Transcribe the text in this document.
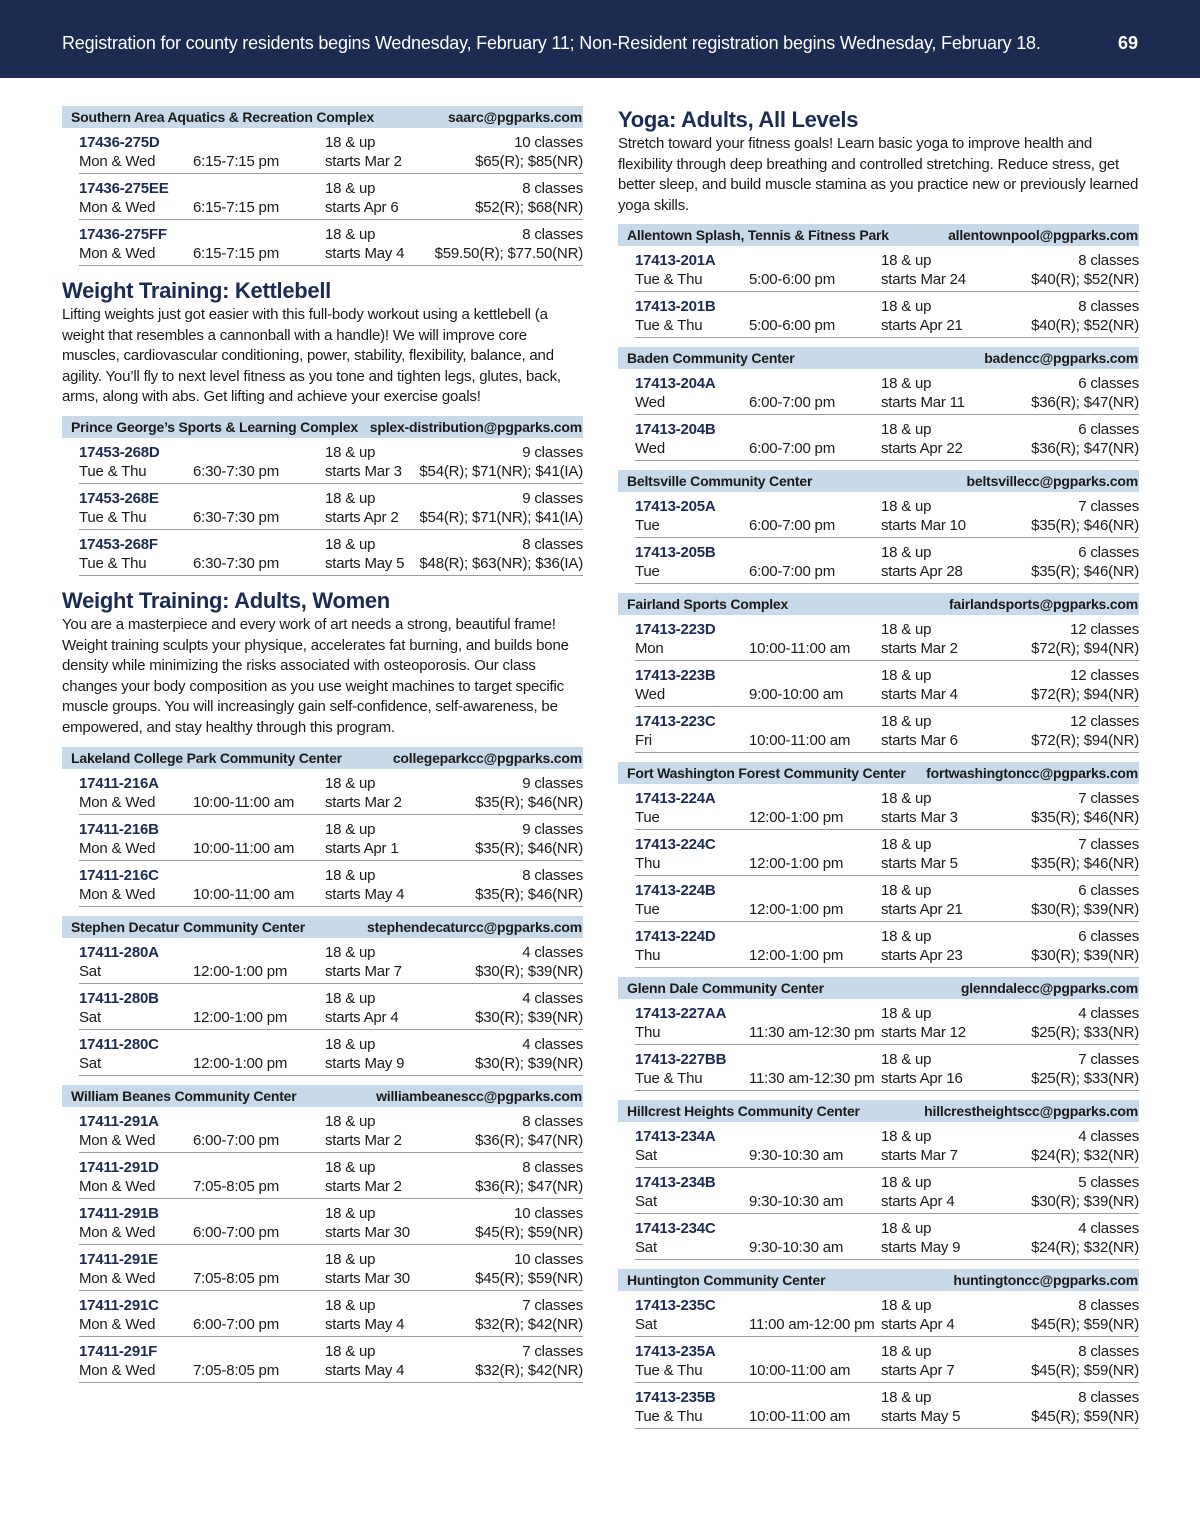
Registration for county residents begins Wednesday, February 11; Non-Resident registration begins Wednesday, February 18.	69
Southern Area Aquatics & Recreation Complex	saarc@pgparks.com
17436-275D	18 & up	10 classes
Mon & Wed	6:15-7:15 pm	starts Mar 2	$65(R); $85(NR)
17436-275EE	18 & up	8 classes
Mon & Wed	6:15-7:15 pm	starts Apr 6	$52(R); $68(NR)
17436-275FF	18 & up	8 classes
Mon & Wed	6:15-7:15 pm	starts May 4	$59.50(R); $77.50(NR)
Weight Training: Kettlebell
Lifting weights just got easier with this full-body workout using a kettlebell (a weight that resembles a cannonball with a handle)! We will improve core muscles, cardiovascular conditioning, power, stability, flexibility, balance, and agility. You’ll fly to next level fitness as you tone and tighten legs, glutes, back, arms, along with abs. Get lifting and achieve your exercise goals!
Prince George’s Sports & Learning Complex splex-distribution@pgparks.com
17453-268D	18 & up	9 classes
Tue & Thu	6:30-7:30 pm	starts Mar 3	$54(R); $71(NR); $41(IA)
17453-268E	18 & up	9 classes
Tue & Thu	6:30-7:30 pm	starts Apr 2	$54(R); $71(NR); $41(IA)
17453-268F	18 & up	8 classes
Tue & Thu	6:30-7:30 pm	starts May 5	$48(R); $63(NR); $36(IA)
Weight Training: Adults, Women
You are a masterpiece and every work of art needs a strong, beautiful frame! Weight training sculpts your physique, accelerates fat burning, and builds bone density while minimizing the risks associated with osteoporosis. Our class changes your body composition as you use weight machines to target specific muscle groups. You will increasingly gain self-confidence, self-awareness, be empowered, and stay healthy through this program.
Lakeland College Park Community Center	collegeparkcc@pgparks.com
17411-216A	18 & up	9 classes
Mon & Wed	10:00-11:00 am	starts Mar 2	$35(R); $46(NR)
17411-216B	18 & up	9 classes
Mon & Wed	10:00-11:00 am	starts Apr 1	$35(R); $46(NR)
17411-216C	18 & up	8 classes
Mon & Wed	10:00-11:00 am	starts May 4	$35(R); $46(NR)
Stephen Decatur Community Center	stephendecaturcc@pgparks.com
17411-280A	18 & up	4 classes
Sat	12:00-1:00 pm	starts Mar 7	$30(R); $39(NR)
17411-280B	18 & up	4 classes
Sat	12:00-1:00 pm	starts Apr 4	$30(R); $39(NR)
17411-280C	18 & up	4 classes
Sat	12:00-1:00 pm	starts May 9	$30(R); $39(NR)
William Beanes Community Center	williambeanescc@pgparks.com
17411-291A	18 & up	8 classes
Mon & Wed	6:00-7:00 pm	starts Mar 2	$36(R); $47(NR)
17411-291D	18 & up	8 classes
Mon & Wed	7:05-8:05 pm	starts Mar 2	$36(R); $47(NR)
17411-291B	18 & up	10 classes
Mon & Wed	6:00-7:00 pm	starts Mar 30	$45(R); $59(NR)
17411-291E	18 & up	10 classes
Mon & Wed	7:05-8:05 pm	starts Mar 30	$45(R); $59(NR)
17411-291C	18 & up	7 classes
Mon & Wed	6:00-7:00 pm	starts May 4	$32(R); $42(NR)
17411-291F	18 & up	7 classes
Mon & Wed	7:05-8:05 pm	starts May 4	$32(R); $42(NR)
Yoga: Adults, All Levels
Stretch toward your fitness goals! Learn basic yoga to improve health and flexibility through deep breathing and controlled stretching. Reduce stress, get better sleep, and build muscle stamina as you practice new or previously learned yoga skills.
Allentown Splash, Tennis & Fitness Park	allentownpool@pgparks.com
17413-201A	18 & up	8 classes
Tue & Thu	5:00-6:00 pm	starts Mar 24	$40(R); $52(NR)
17413-201B	18 & up	8 classes
Tue & Thu	5:00-6:00 pm	starts Apr 21	$40(R); $52(NR)
Baden Community Center	badencc@pgparks.com
17413-204A	18 & up	6 classes
Wed	6:00-7:00 pm	starts Mar 11	$36(R); $47(NR)
17413-204B	18 & up	6 classes
Wed	6:00-7:00 pm	starts Apr 22	$36(R); $47(NR)
Beltsville Community Center	beltsvillecc@pgparks.com
17413-205A	18 & up	7 classes
Tue	6:00-7:00 pm	starts Mar 10	$35(R); $46(NR)
17413-205B	18 & up	6 classes
Tue	6:00-7:00 pm	starts Apr 28	$35(R); $46(NR)
Fairland Sports Complex	fairlandsports@pgparks.com
17413-223D	18 & up	12 classes
Mon	10:00-11:00 am	starts Mar 2	$72(R); $94(NR)
17413-223B	18 & up	12 classes
Wed	9:00-10:00 am	starts Mar 4	$72(R); $94(NR)
17413-223C	18 & up	12 classes
Fri	10:00-11:00 am	starts Mar 6	$72(R); $94(NR)
Fort Washington Forest Community Center fortwashingtoncc@pgparks.com
17413-224A	18 & up	7 classes
Tue	12:00-1:00 pm	starts Mar 3	$35(R); $46(NR)
17413-224C	18 & up	7 classes
Thu	12:00-1:00 pm	starts Mar 5	$35(R); $46(NR)
17413-224B	18 & up	6 classes
Tue	12:00-1:00 pm	starts Apr 21	$30(R); $39(NR)
17413-224D	18 & up	6 classes
Thu	12:00-1:00 pm	starts Apr 23	$30(R); $39(NR)
Glenn Dale Community Center	glenndalecc@pgparks.com
17413-227AA	18 & up	4 classes
Thu	11:30 am-12:30 pm starts Mar 12	$25(R); $33(NR)
17413-227BB	18 & up	7 classes
Tue & Thu	11:30 am-12:30 pm starts Apr 16	$25(R); $33(NR)
Hillcrest Heights Community Center	hillcrestheightscc@pgparks.com
17413-234A	18 & up	4 classes
Sat	9:30-10:30 am	starts Mar 7	$24(R); $32(NR)
17413-234B	18 & up	5 classes
Sat	9:30-10:30 am	starts Apr 4	$30(R); $39(NR)
17413-234C	18 & up	4 classes
Sat	9:30-10:30 am	starts May 9	$24(R); $32(NR)
Huntington Community Center	huntingtoncc@pgparks.com
17413-235C	18 & up	8 classes
Sat	11:00 am-12:00 pm starts Apr 4	$45(R); $59(NR)
17413-235A	18 & up	8 classes
Tue & Thu	10:00-11:00 am	starts Apr 7	$45(R); $59(NR)
17413-235B	18 & up	8 classes
Tue & Thu	10:00-11:00 am	starts May 5	$45(R); $59(NR)
